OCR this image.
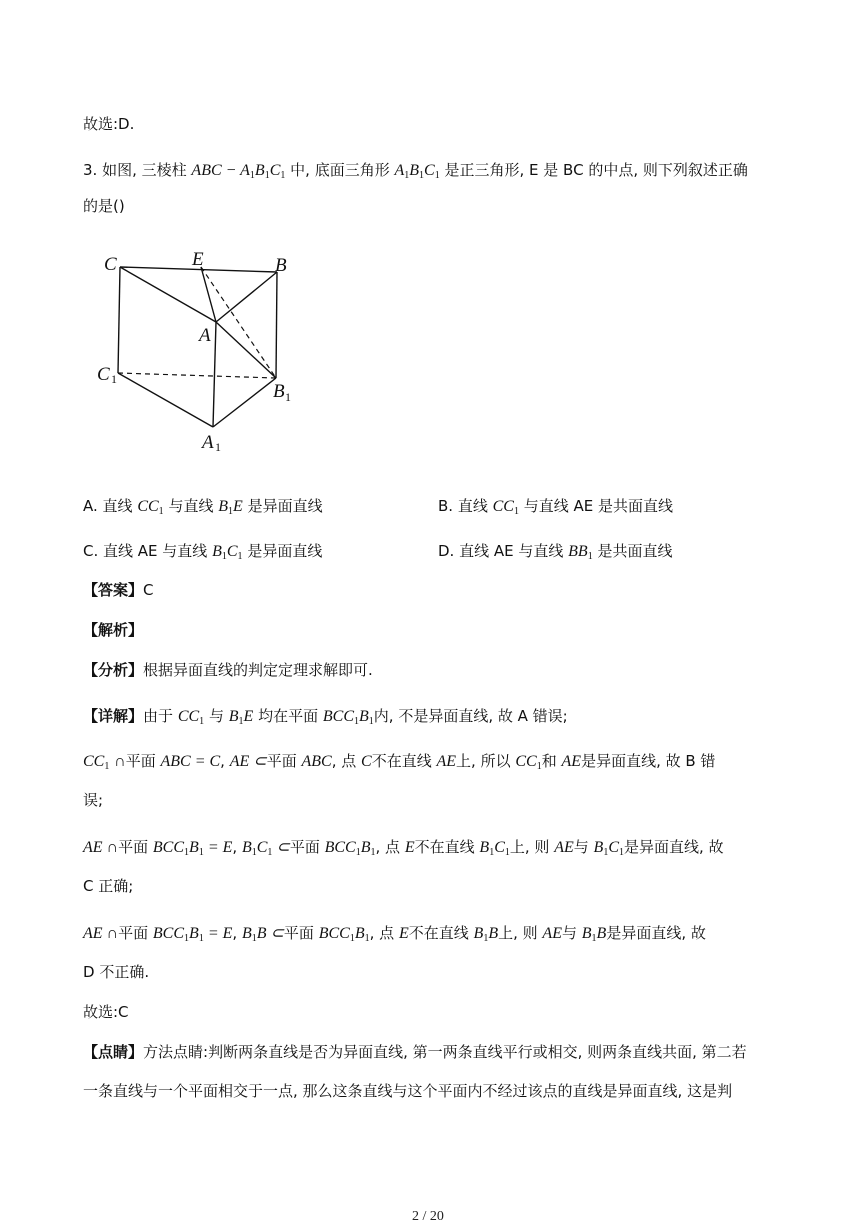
故选:D.
3. 如图, 三棱柱 ABC − $A_1B_1C_1$ 中, 底面三角形 $A_1B_1C_1$ 是正三角形, E 是 BC 的中点, 则下列叙述正确
的是()
C	E	B
A
C 1
B 1
A 1
A. 直线 $CC_1$ 与直线 $B_1E$ 是异面直线	B. 直线 $CC_1$ 与直线 AE 是共面直线
C. 直线 AE 与直线 $B_1C_1$ 是异面直线	D. 直线 AE 与直线 $BB_1$ 是共面直线
【答案】C
【解析】
【分析】根据异面直线的判定定理求解即可.
【详解】由于 $CC_1$ 与 $B_1E$ 均在平面 $BCC_1B_1$内, 不是异面直线, 故 A 错误;
$CC_1$ ∩平面 ABC = C, AE ⊂平面 ABC, 点 C不在直线 AE上, 所以 $CC_1$和 AE是异面直线, 故 B 错
误;
AE ∩平面 $BCC_1B_1 = E$, $B_1C_1$ ⊂平面 $BCC_1B_1$, 点 E不在直线 $B_1C_1$上, 则 AE与 $B_1C_1$是异面直线, 故
C 正确;
AE ∩平面 $BCC_1B_1 = E$, $B_1B$ ⊂平面 $BCC_1B_1$, 点 E不在直线 $B_1B$上, 则 AE与 $B_1B$是异面直线, 故
D 不正确.
故选:C
【点睛】方法点睛:判断两条直线是否为异面直线, 第一两条直线平行或相交, 则两条直线共面, 第二若
一条直线与一个平面相交于一点, 那么这条直线与这个平面内不经过该点的直线是异面直线, 这是判
2 / 20
